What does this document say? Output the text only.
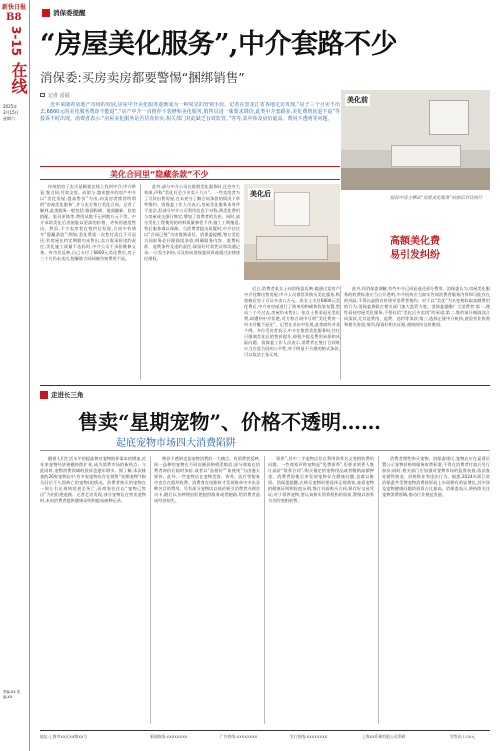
新快日报
B8
3-15
在线
2025年
3月15日
星期六
责编:XX 美编:XX
消保委提醒
“房屋美化服务”,中介套路不少
消保委:买房卖房都要警惕“捆绑销售”
记者 雷福
近年来随着房地产市场的发展,房屋中介美化服务逐渐成为一种常见的营销手段。记者在黑龙江省各地走访发现,“房子三个月卖不出去,6800元的美化服务费却不能退”,“房产中介一直推荐不装修和美化服务,销售员进一味要求降价,此类中介套路多,美化费到底退不退”等投诉不时出现。消费者表示:“房屋美化服务是否货真价实,相关部门对此缺乏有效监管。”等等,其中涉及房价虚高、费用不透明等问题。
美化前
美化合同里“隐藏条款”不少
传统的房子卖买是顾客在线上找到中介,中介带看,签合同,付款交房。而如今,越来越多的房产中介以“美化房屋,提高售价”为由,向卖房者推荐所谓的“房屋美化服务”,并与卖方签订美化合同。记者了解到,此类服务一般包括:墙面粉刷、地面翻新、软装搭配、家具更换等,费用从数千元到数万元不等。中介承诺美化后房屋能以更高的价格、更快的速度售出。然而,不少卖房者在签约后发现,合同中有诸多“隐藏条款”:例如,美化费需一次性付清且不可退还;若房屋在约定期限内未售出,卖方需承担违约责任;美化施工质量不达标时,中介公司不承担维修义务。有市民反映,自己支付了6800元美化费后,房子三个月仍未卖出,想解除合同却被告知费用不退。
此外,部分中介公司在推销美化服务时,还会夸大效果,声称“美化后至少多卖十几万”。一些卖房者为了尽快出售房屋,在未充分了解合同条款的情况下草率签约。消保委工作人员表示,房屋美化服务本身并不违法,但部分中介公司利用信息不对称,将美化费用与房屋成交强行绑定,增加了消费者的负担。同时,部分美化工程使用的材料质量参差不齐,施工工期拖延,售后服务难以保障。当消费者提出质疑时,中介往往以“合同已签”为由推卸责任。消保委提醒,签订美化合同前务必仔细阅读条款,明确服务内容、收费标准、退费条件及违约责任,保留好付款凭证和沟通记录,一旦发生纠纷,可及时向消保委投诉或通过法律途径维权。
美化后
投诉中房主晒出“房屋美化服务”的前后对比照片
高额美化费
易引发纠纷
近日,消费者张女士向消保委反映,她通过某房产中介挂牌出售房屋,中介人员推荐其购买美化服务,称装修后房子可以多卖八万元。张女士支付6800元美化费后,中介对房屋进行了简单的粉刷和软装布置,然而三个月过去,房屋仍未售出。张女士要求退还美化费,却遭到中介拒绝,对方称合同中写明“美化费用一经支付概不退还”。记者在采访中发现,此类纠纷并非个例。多位受访者表示,中介在推荐美化服务时,往往只强调美化后的售价提升,却很少提及费用承担和风险问题。消保委工作人员表示,消费者在签订合同时应当注意合同的公平性,对于明显不合理的格式条款,可以依法主张无效。
此外,经消保委调解,有些中介已同意退还部分费用。消保委认为,房屋美化服务的收费标准应当公开透明,中介机构应当如实告知消费者服务内容和可能存在的风险,不得以虚假宣传诱导消费者签约。对于以“美化”为名变相收取高额费用的行为,消保委将联合相关部门加大监管力度。消保委提醒广大消费者:第一,理性看待房屋美化服务,不要轻信“美化后多卖钱”的承诺;第二,签约前仔细阅读合同条款,尤其是费用、退费、违约等条款;第三,选择正规中介机构,查验营业执照和相关资质;第四,保留好相关证据,遇到纠纷及时维权。
走进长三角
售卖“星期宠物”、价格不透明……
起底宠物市场四大消费陷阱
随着人们生活水平的提高和对宠物陪伴需求的增加,近年来宠物经济规模持续扩张,成为消费市场的新热点。与此同时,宠物消费领域的投诉也逐年增多。据了解,本次排查的26家宠物店中,有多家宠物店存在销售“星期宠物”(指买回后不久即病亡的宠物)的情况。消费者购买的宠物在一周左右出现病症甚至死亡,而商家往往以“宠物已售出”为由拒绝退换。记者走访发现,部分宠物店在售卖宠物时,未向消费者提供健康证明和疫苗接种记录。
物价不透明也是宠物消费的一大痛点。有消费者反映,同一品种的宠物在不同店铺价格相差数倍,部分商家在消费者询价后临时加价,或者以“品相好”“血统纯”为由漫天要价。此外,一些宠物店在宠物美容、寄养、医疗等服务中也存在隐形收费。消费者在结账时才发现账单中多出各种名目的费用。另有部分宠物店以低价吸引消费者办理会员卡,随后以各种理由拒绝提供服务或者跑路,给消费者造成经济损失。
领养”,其中二手宠物店存在利用领养名义变相收费的问题。一些商家声称宠物是“免费领养”,但要求领养人签订高价“领养合同”,购买指定的宠物用品或者缴纳高额押金。消费者即使后来发现宠物存在健康问题,也难以维权。消保委提醒,在购买宠物时要选择正规商家,查看宠物的健康证明和检疫证明,签订书面购买合同,保存好交易凭证;对于领养宠物,要认真核实领养机构的资质,警惕以领养为名的变相收费。
消费者理性购买宠物。消保委建议,宠物店应在显著位置公示宠物价格和服务收费标准,不得在消费者付款后另行加价;同时,相关部门应加强对宠物市场的监督检查,依法查处销售病宠、价格欺诈等违法行为。据悉,2024年浙江省消保委共受理宠物消费投诉较上年同期有明显增长,其中涉及宠物健康问题的投诉占比最高。消保委表示,将持续关注宠物消费领域,推动行业规范发展。
地址:上海市XX区XX路XX号	新闻热线:XXXXXXXX	广告热线:XXXXXXXX	发行热线:XXXXXXXX	上海XX印刷有限公司印刷	零售价:1.00元
